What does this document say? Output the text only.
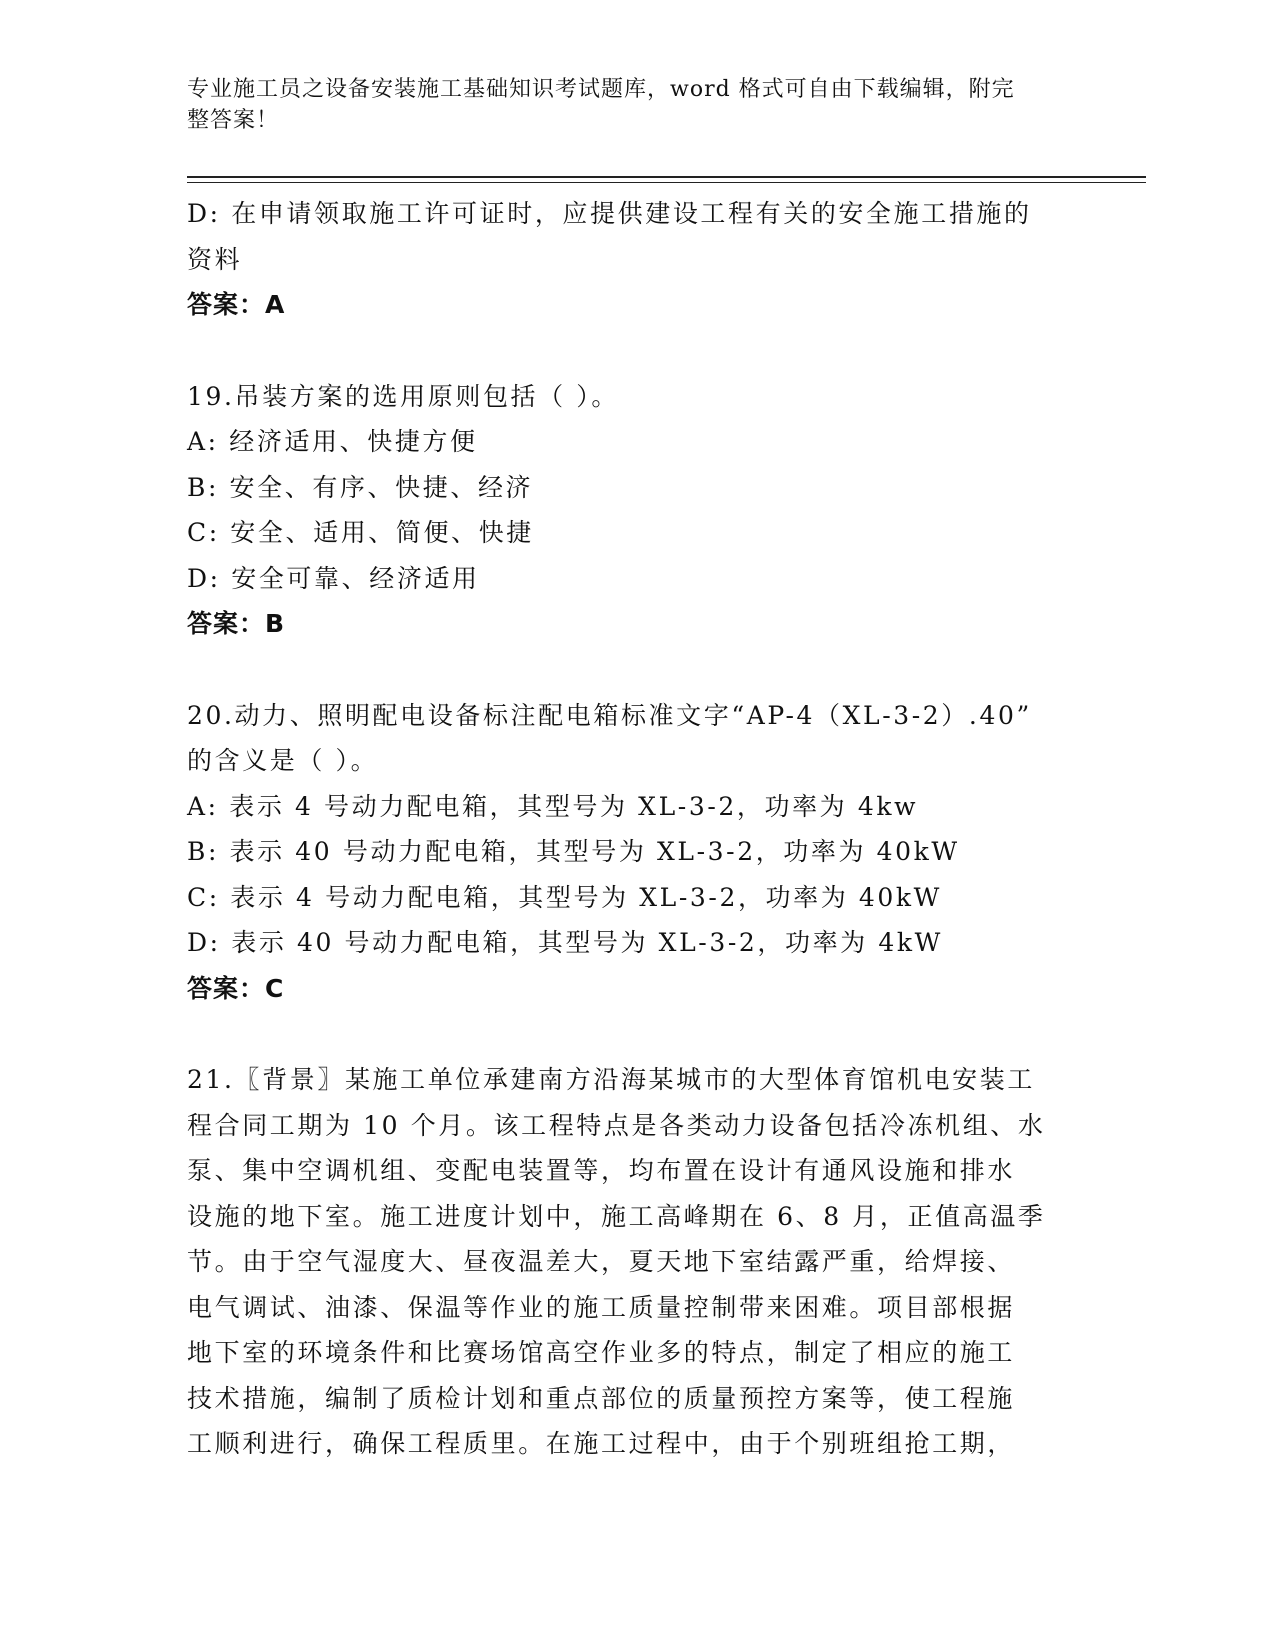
专业施工员之设备安装施工基础知识考试题库，word 格式可自由下载编辑，附完
整答案！
D: 在申请领取施工许可证时，应提供建设工程有关的安全施工措施的
资料
答案：A
19.吊装方案的选用原则包括（ ）。
A: 经济适用、快捷方便
B: 安全、有序、快捷、经济
C: 安全、适用、简便、快捷
D: 安全可靠、经济适用
答案：B
20.动力、照明配电设备标注配电箱标准文字“AP-4（XL-3-2）.40”
的含义是（ ）。
A: 表示 4 号动力配电箱，其型号为 XL-3-2，功率为 4kw
B: 表示 40 号动力配电箱，其型号为 XL-3-2，功率为 40kW
C: 表示 4 号动力配电箱，其型号为 XL-3-2，功率为 40kW
D: 表示 40 号动力配电箱，其型号为 XL-3-2，功率为 4kW
答案：C
21.〖背景〗某施工单位承建南方沿海某城市的大型体育馆机电安装工
程合同工期为 10 个月。该工程特点是各类动力设备包括冷冻机组、水
泵、集中空调机组、变配电装置等，均布置在设计有通风设施和排水
设施的地下室。施工进度计划中，施工高峰期在 6、8 月，正值高温季
节。由于空气湿度大、昼夜温差大，夏天地下室结露严重，给焊接、
电气调试、油漆、保温等作业的施工质量控制带来困难。项目部根据
地下室的环境条件和比赛场馆高空作业多的特点，制定了相应的施工
技术措施，编制了质检计划和重点部位的质量预控方案等，使工程施
工顺利进行，确保工程质里。在施工过程中，由于个别班组抢工期，
